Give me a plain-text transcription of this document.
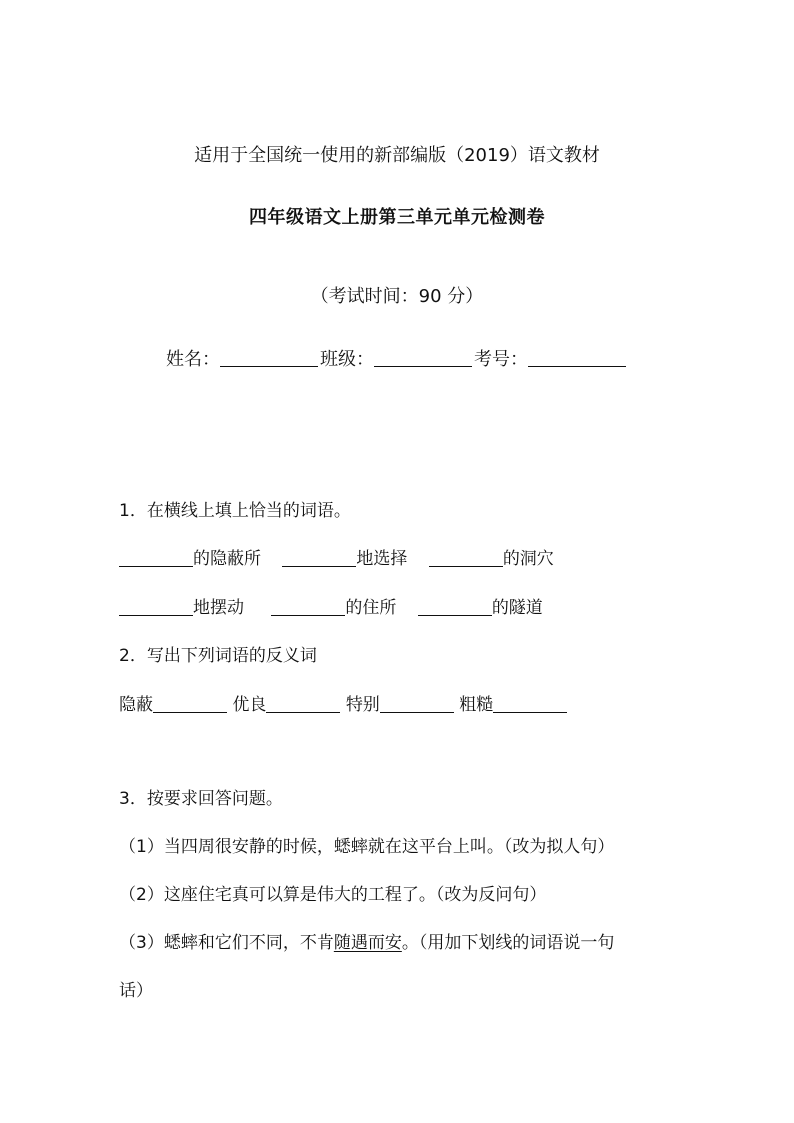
适用于全国统一使用的新部编版（2019）语文教材
四年级语文上册第三单元单元检测卷
（考试时间：90 分）
姓名：	班级：	考号：
1．在横线上填上恰当的词语。
的隐蔽所	地选择	的洞穴
地摆动	的住所	的隧道
2．写出下列词语的反义词
隐蔽	优良	特别	粗糙
3．按要求回答问题。
（1）当四周很安静的时候，蟋蟀就在这平台上叫。（改为拟人句）
（2）这座住宅真可以算是伟大的工程了。（改为反问句）
（3）蟋蟀和它们不同，不肯随遇而安。（用加下划线的词语说一句
话）
